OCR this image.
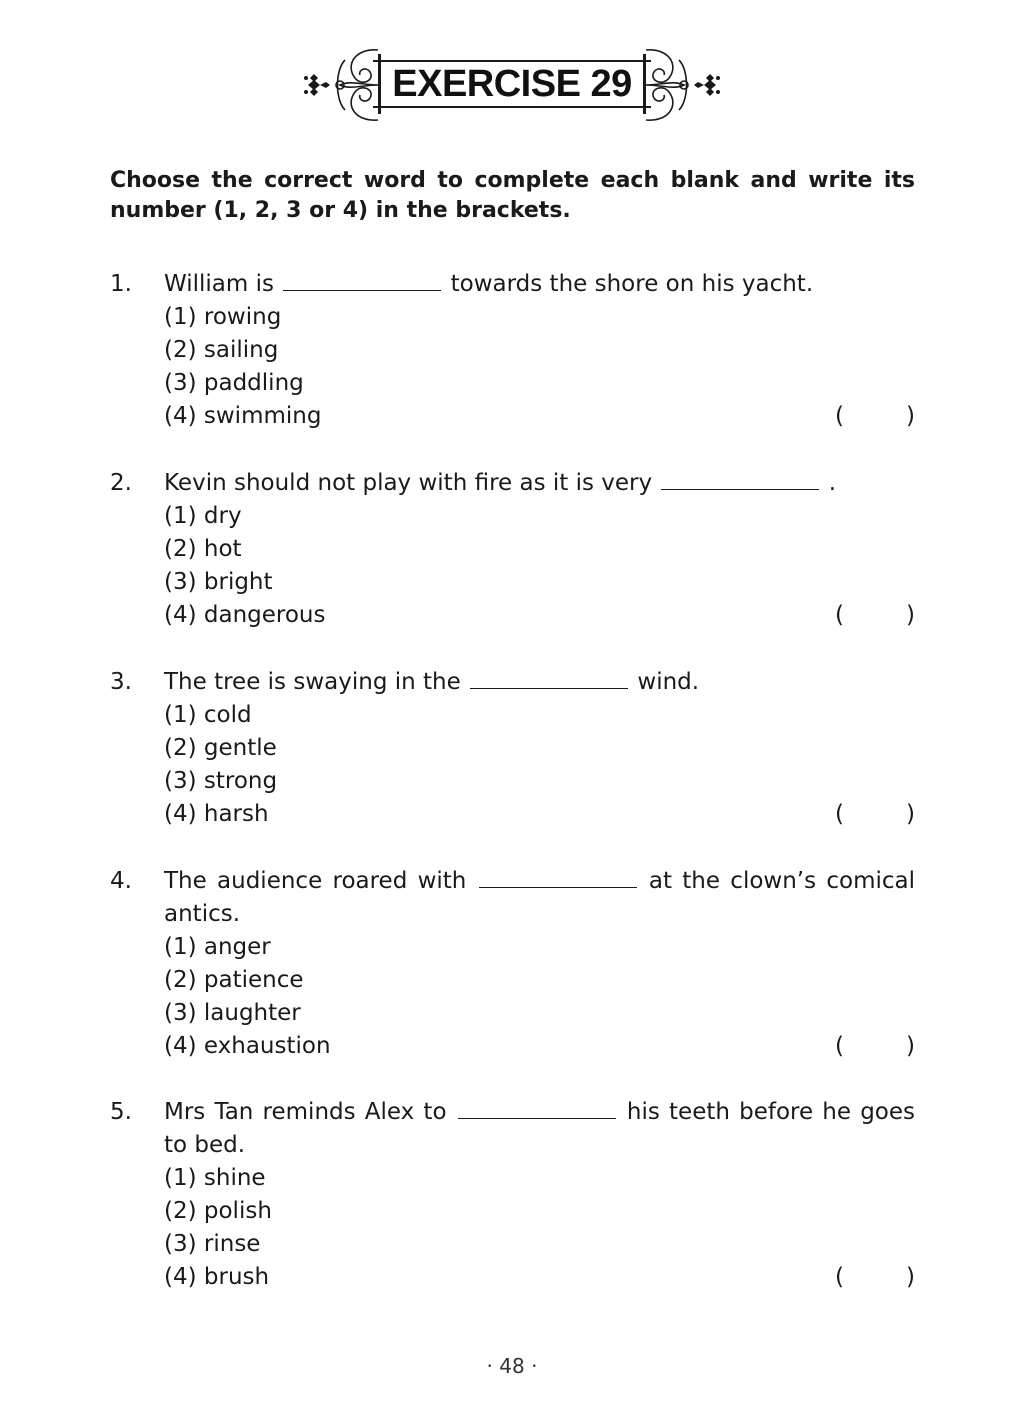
EXERCISE 29

Choose the correct word to complete each blank and write its number (1, 2, 3 or 4) in the brackets.

1. William is	towards the shore on his yacht.
(1) rowing
(2) sailing
(3) paddling
(4) swimming	(	)
2. Kevin should not play with fire as it is very	.
(1) dry
(2) hot
(3) bright
(4) dangerous	(	)
3. The tree is swaying in the	wind.
(1) cold
(2) gentle
(3) strong
(4) harsh	(	)
4. The audience roared with	at the clown’s comical antics.
(1) anger
(2) patience
(3) laughter
(4) exhaustion	(	)
5. Mrs Tan reminds Alex to	his teeth before he goes to bed.
(1) shine
(2) polish
(3) rinse
(4) brush	(	)
· 48 ·
